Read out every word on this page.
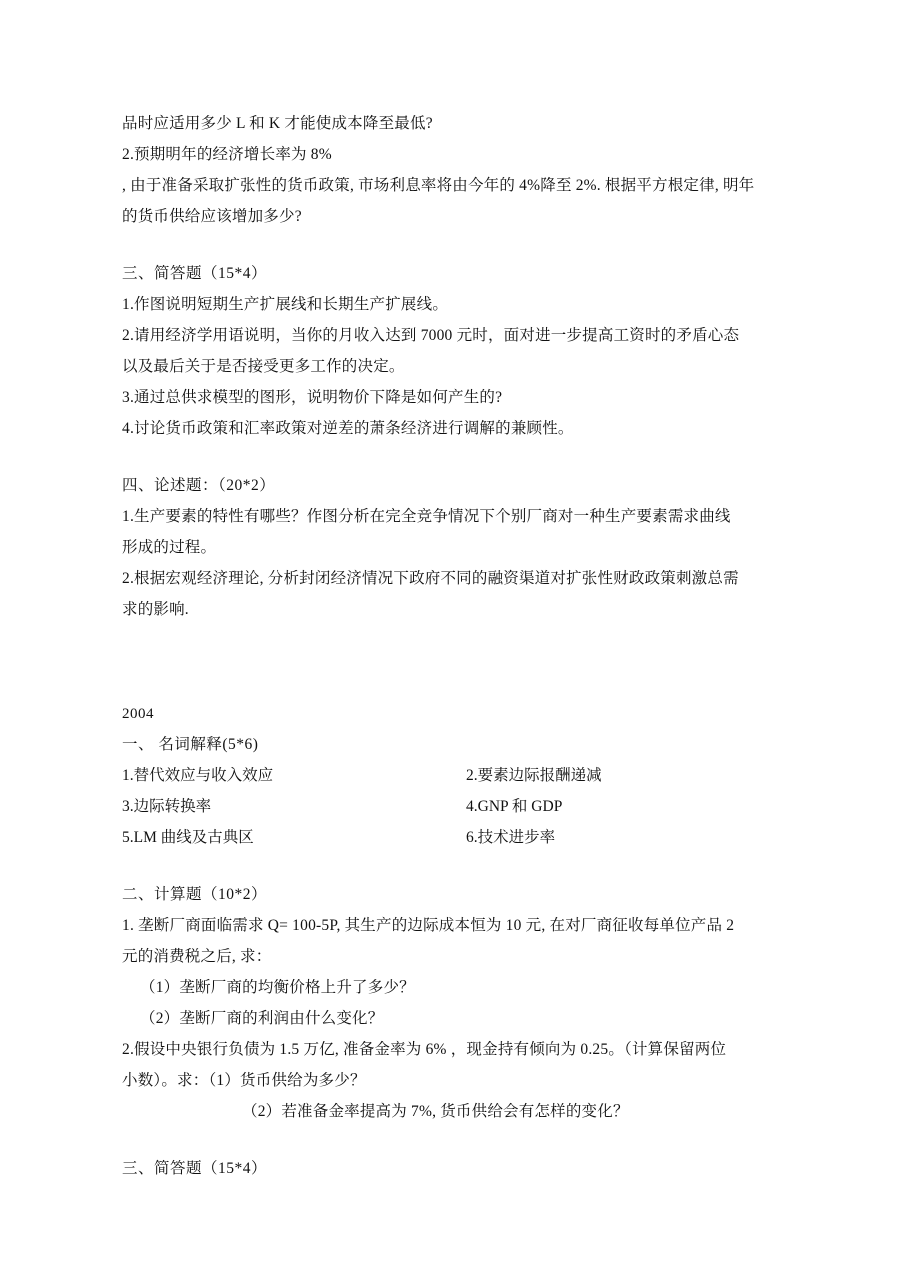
品时应适用多少 L 和 K 才能使成本降至最低?
2.预期明年的经济增长率为 8%
, 由于准备采取扩张性的货币政策, 市场利息率将由今年的 4%降至 2%. 根据平方根定律, 明年
的货币供给应该增加多少?
三、简答题（15*4）
1.作图说明短期生产扩展线和长期生产扩展线。
2.请用经济学用语说明，当你的月收入达到 7000 元时，面对进一步提高工资时的矛盾心态
以及最后关于是否接受更多工作的决定。
3.通过总供求模型的图形，说明物价下降是如何产生的?
4.讨论货币政策和汇率政策对逆差的萧条经济进行调解的兼顾性。
四、论述题：（20*2）
1.生产要素的特性有哪些？作图分析在完全竞争情况下个别厂商对一种生产要素需求曲线
形成的过程。
2.根据宏观经济理论, 分析封闭经济情况下政府不同的融资渠道对扩张性财政政策刺激总需
求的影响.
2004
一、 名词解释(5*6)
1.替代效应与收入效应	2.要素边际报酬递减
3.边际转换率	4.GNP 和 GDP
5.LM 曲线及古典区	6.技术进步率
二、计算题（10*2）
1. 垄断厂商面临需求 Q= 100-5P, 其生产的边际成本恒为 10 元, 在对厂商征收每单位产品 2
元的消费税之后, 求：
（1）垄断厂商的均衡价格上升了多少？
（2）垄断厂商的利润由什么变化？
2.假设中央银行负债为 1.5 万亿, 准备金率为 6% ，现金持有倾向为 0.25。（计算保留两位
小数）。求：（1）货币供给为多少？
（2）若准备金率提高为 7%, 货币供给会有怎样的变化？
三、简答题（15*4）
